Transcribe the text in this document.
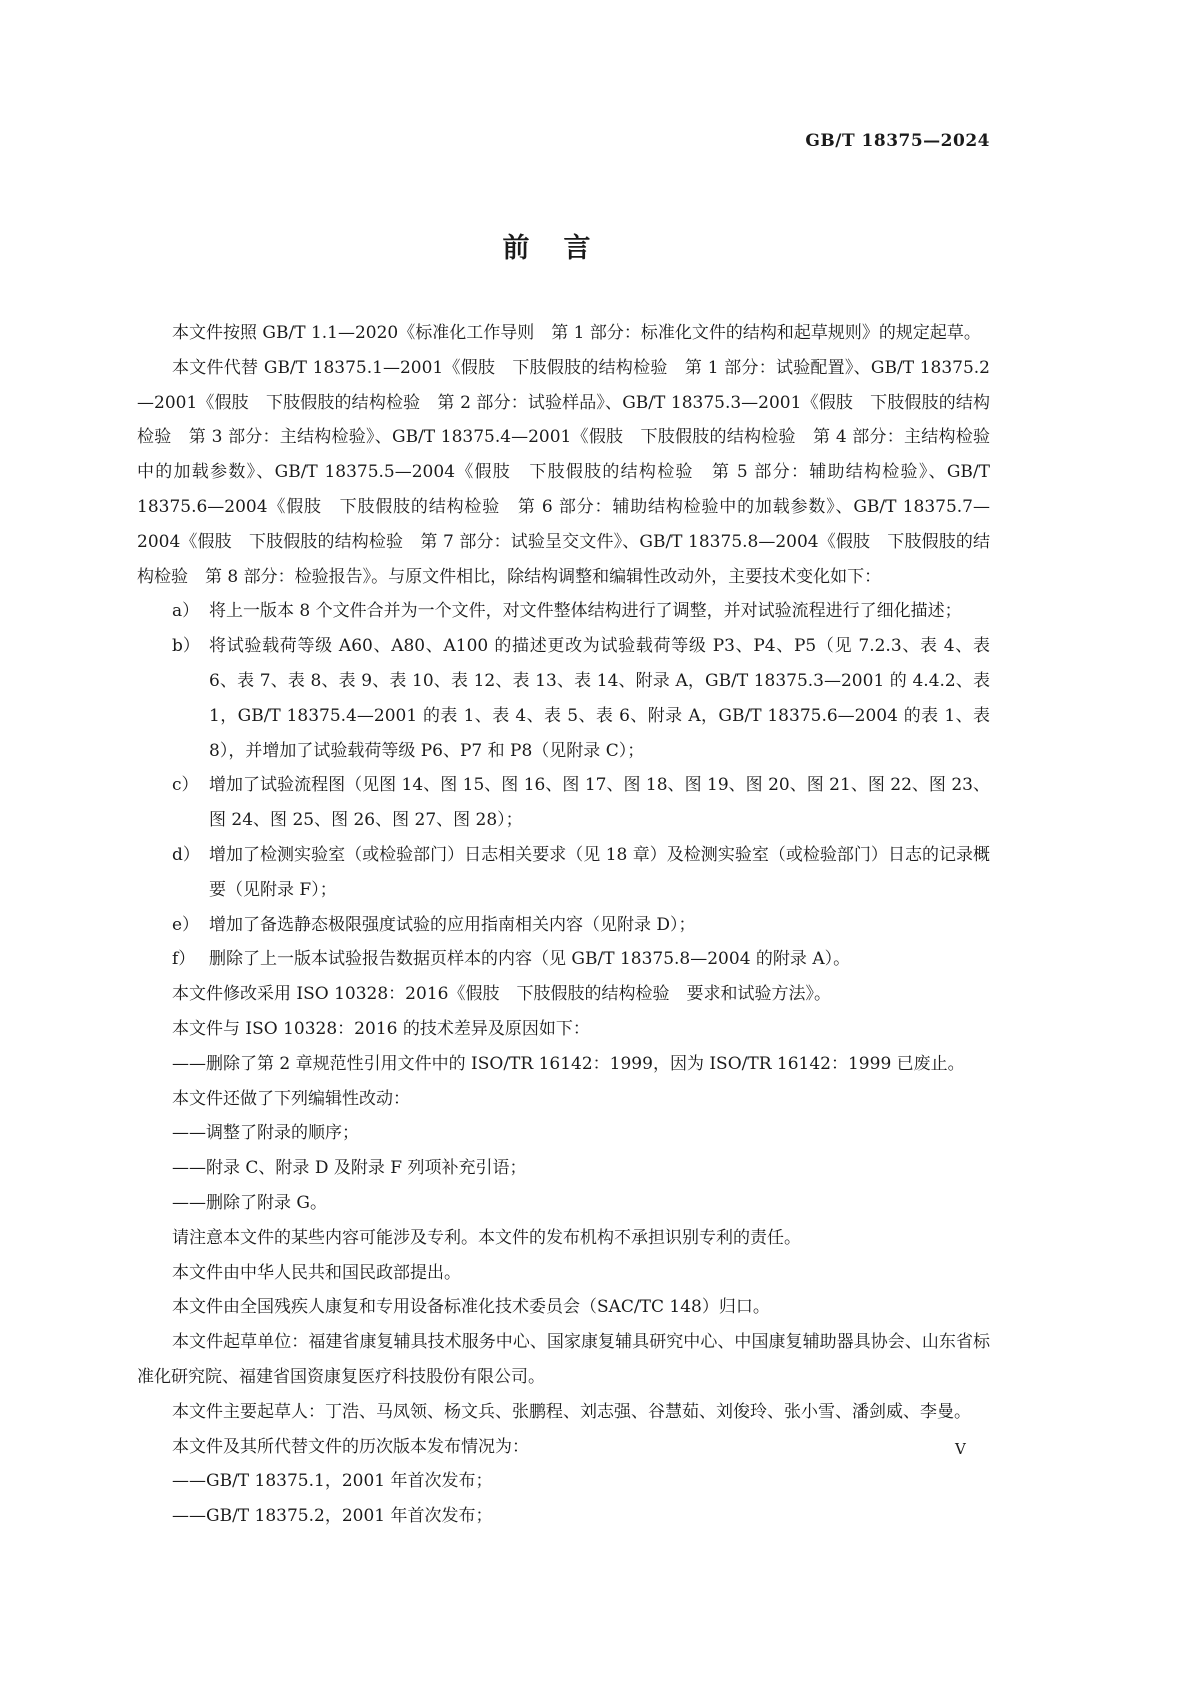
GB/T 18375—2024
前言

本文件按照 GB/T 1.1—2020《标准化工作导则　第 1 部分：标准化文件的结构和起草规则》的规定起草。

本文件代替 GB/T 18375.1—2001《假肢　下肢假肢的结构检验　第 1 部分：试验配置》、GB/T 18375.2—2001《假肢　下肢假肢的结构检验　第 2 部分：试验样品》、GB/T 18375.3—2001《假肢　下肢假肢的结构检验　第 3 部分：主结构检验》、GB/T 18375.4—2001《假肢　下肢假肢的结构检验　第 4 部分：主结构检验中的加载参数》、GB/T 18375.5—2004《假肢　下肢假肢的结构检验　第 5 部分：辅助结构检验》、GB/T 18375.6—2004《假肢　下肢假肢的结构检验　第 6 部分：辅助结构检验中的加载参数》、GB/T 18375.7—2004《假肢　下肢假肢的结构检验　第 7 部分：试验呈交文件》、GB/T 18375.8—2004《假肢　下肢假肢的结构检验　第 8 部分：检验报告》。与原文件相比，除结构调整和编辑性改动外，主要技术变化如下：

a） 将上一版本 8 个文件合并为一个文件，对文件整体结构进行了调整，并对试验流程进行了细化描述；
b） 将试验载荷等级 A60、A80、A100 的描述更改为试验载荷等级 P3、P4、P5（见 7.2.3、表 4、表 6、表 7、表 8、表 9、表 10、表 12、表 13、表 14、附录 A，GB/T 18375.3—2001 的 4.4.2、表 1，GB/T 18375.4—2001 的表 1、表 4、表 5、表 6、附录 A，GB/T 18375.6—2004 的表 1、表 8），并增加了试验载荷等级 P6、P7 和 P8（见附录 C）；
c） 增加了试验流程图（见图 14、图 15、图 16、图 17、图 18、图 19、图 20、图 21、图 22、图 23、图 24、图 25、图 26、图 27、图 28）；
d） 增加了检测实验室（或检验部门）日志相关要求（见 18 章）及检测实验室（或检验部门）日志的记录概要（见附录 F）；
e） 增加了备选静态极限强度试验的应用指南相关内容（见附录 D）；
f） 删除了上一版本试验报告数据页样本的内容（见 GB/T 18375.8—2004 的附录 A）。

本文件修改采用 ISO 10328：2016《假肢　下肢假肢的结构检验　要求和试验方法》。

本文件与 ISO 10328：2016 的技术差异及原因如下：

——删除了第 2 章规范性引用文件中的 ISO/TR 16142：1999，因为 ISO/TR 16142：1999 已废止。

本文件还做了下列编辑性改动：

——调整了附录的顺序；

——附录 C、附录 D 及附录 F 列项补充引语；

——删除了附录 G。

请注意本文件的某些内容可能涉及专利。本文件的发布机构不承担识别专利的责任。

本文件由中华人民共和国民政部提出。

本文件由全国残疾人康复和专用设备标准化技术委员会（SAC/TC 148）归口。

本文件起草单位：福建省康复辅具技术服务中心、国家康复辅具研究中心、中国康复辅助器具协会、山东省标准化研究院、福建省国资康复医疗科技股份有限公司。

本文件主要起草人：丁浩、马凤领、杨文兵、张鹏程、刘志强、谷慧茹、刘俊玲、张小雪、潘剑威、李曼。

本文件及其所代替文件的历次版本发布情况为：

——GB/T 18375.1，2001 年首次发布；

——GB/T 18375.2，2001 年首次发布；

V
